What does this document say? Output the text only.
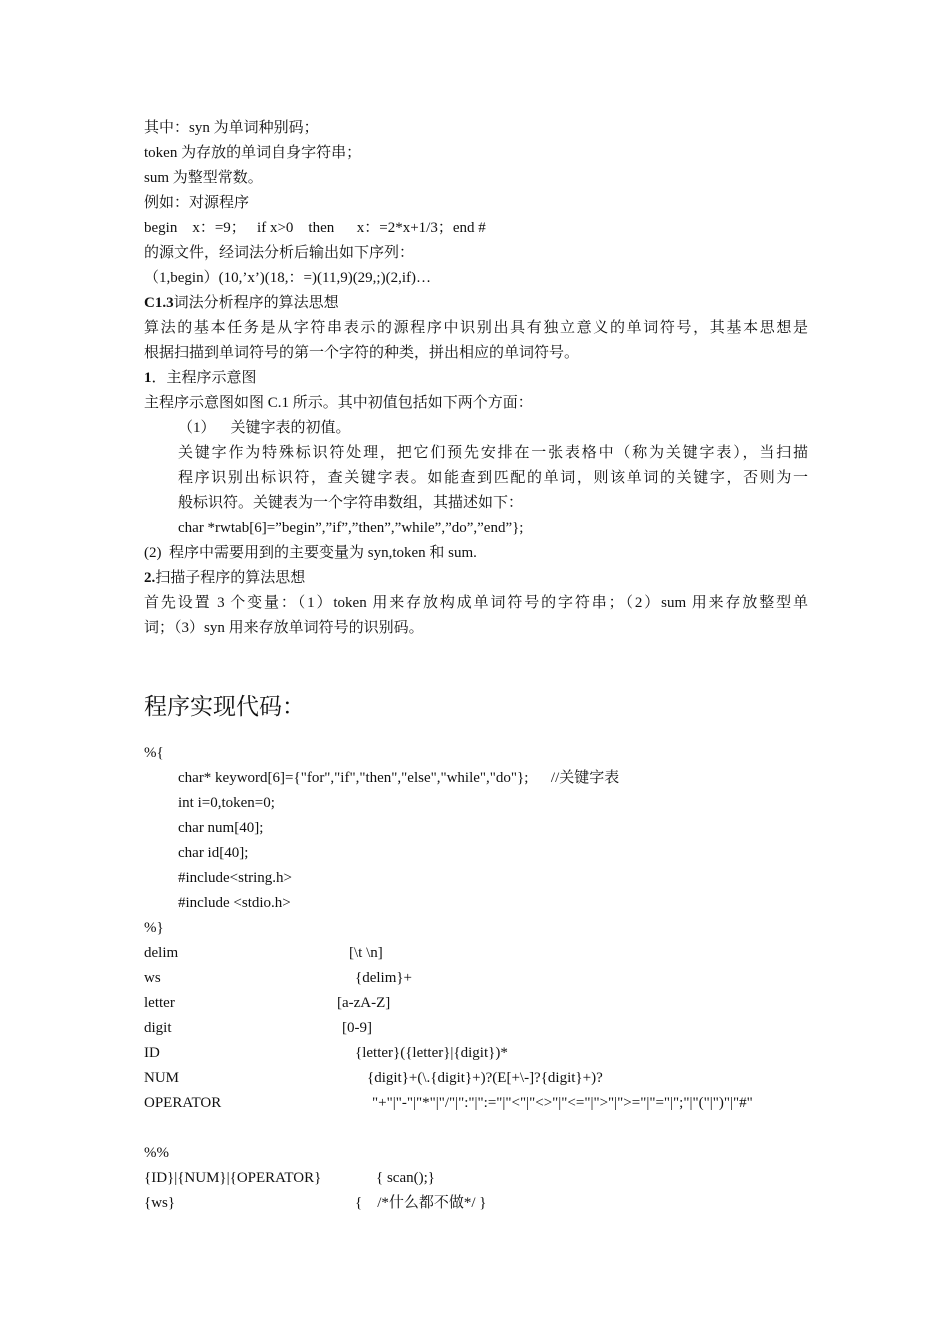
其中：syn 为单词种别码；
token 为存放的单词自身字符串；
sum 为整型常数。
例如：对源程序
begin    x：=9；   if x>0    then      x：=2*x+1/3；end #
的源文件，经词法分析后输出如下序列：
（1,begin）(10,’x’)(18,：=)(11,9)(29,;)(2,if)…
C1.3词法分析程序的算法思想
算法的基本任务是从字符串表示的源程序中识别出具有独立意义的单词符号，其基本思想是
根据扫描到单词符号的第一个字符的种类，拼出相应的单词符号。
1．主程序示意图
主程序示意图如图 C.1 所示。其中初值包括如下两个方面：
（1）    关键字表的初值。
关键字作为特殊标识符处理，把它们预先安排在一张表格中（称为关键字表），当扫描
程序识别出标识符，查关键字表。如能查到匹配的单词，则该单词的关键字，否则为一
般标识符。关键表为一个字符串数组，其描述如下：
char *rwtab[6]=”begin”,”if”,”then”,”while”,”do”,”end”};
(2)  程序中需要用到的主要变量为 syn,token 和 sum.
2.扫描子程序的算法思想
首先设置 3 个变量：（1）token 用来存放构成单词符号的字符串；（2）sum 用来存放整型单
词；（3）syn 用来存放单词符号的识别码。
程序实现代码：
%{
char* keyword[6]={"for","if","then","else","while","do"};      //关键字表
int i=0,token=0;
char num[40];
char id[40];
#include<string.h>
#include <stdio.h>
%}
delim	[\t \n]
ws	{delim}+
letter	[a-zA-Z]
digit	[0-9]
ID	{letter}({letter}|{digit})*
NUM	{digit}+(\.{digit}+)?(E[+\-]?{digit}+)?
OPERATOR	"+"|"-"|"*"|"/"|":"|":="|"<"|"<>"|"<="|">"|">="|"="|";"|"("|")"|"#"
%%
{ID}|{NUM}|{OPERATOR}	{ scan();}
{ws}	{    /*什么都不做*/ }
